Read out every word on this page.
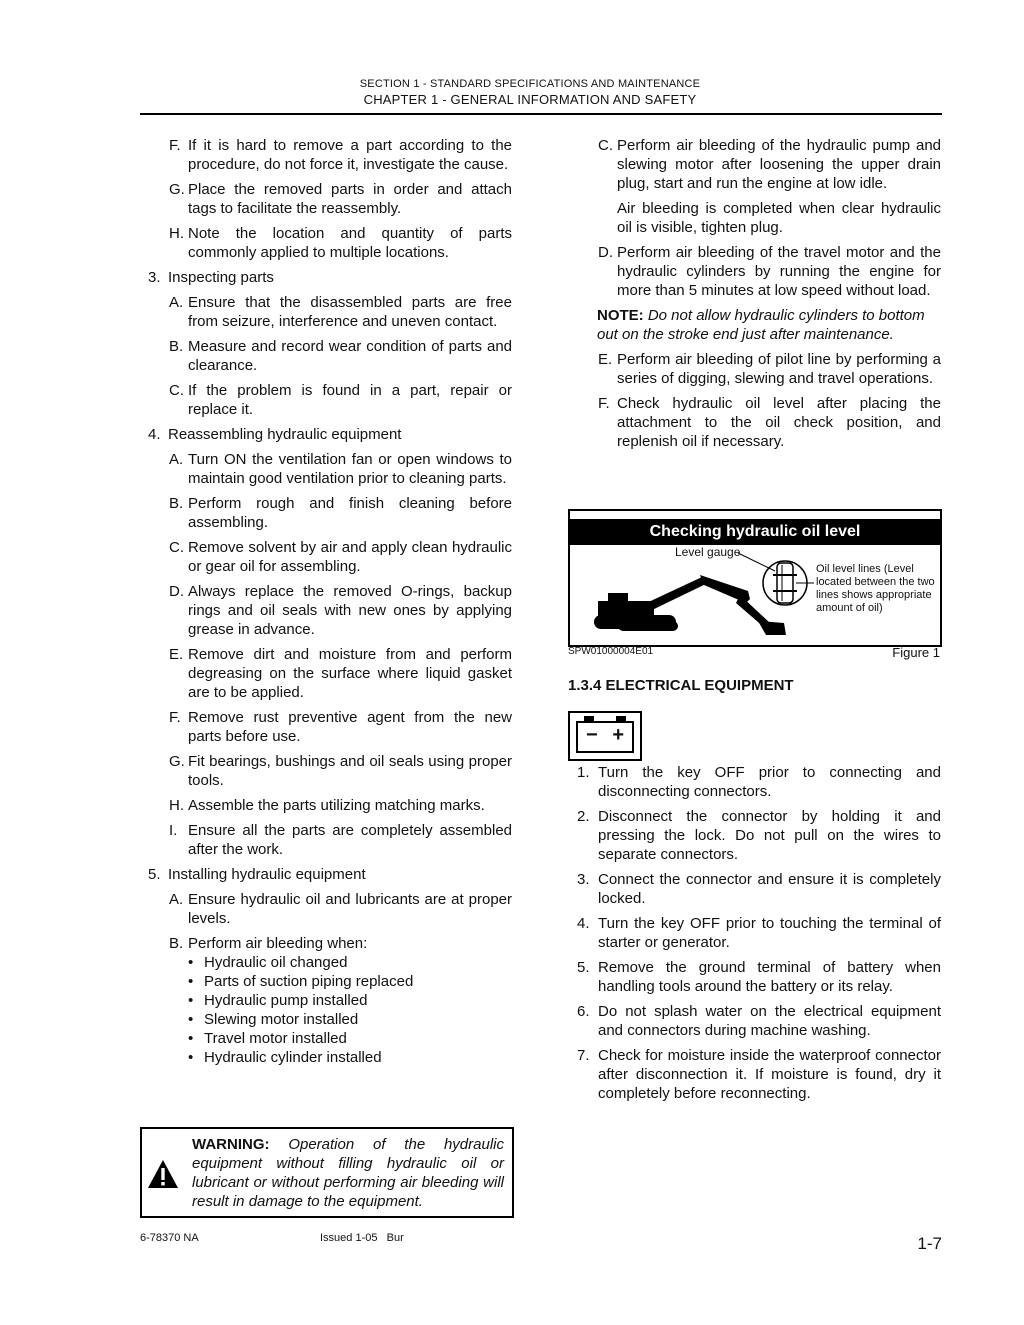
SECTION 1 - STANDARD SPECIFICATIONS AND MAINTENANCE
CHAPTER 1 - GENERAL INFORMATION AND SAFETY
F. If it is hard to remove a part according to the procedure, do not force it, investigate the cause.
G. Place the removed parts in order and attach tags to facilitate the reassembly.
H. Note the location and quantity of parts commonly applied to multiple locations.
3. Inspecting parts
A. Ensure that the disassembled parts are free from seizure, interference and uneven contact.
B. Measure and record wear condition of parts and clearance.
C. If the problem is found in a part, repair or replace it.
4. Reassembling hydraulic equipment
A. Turn ON the ventilation fan or open windows to maintain good ventilation prior to cleaning parts.
B. Perform rough and finish cleaning before assembling.
C. Remove solvent by air and apply clean hydraulic or gear oil for assembling.
D. Always replace the removed O-rings, backup rings and oil seals with new ones by applying grease in advance.
E. Remove dirt and moisture from and perform degreasing on the surface where liquid gasket are to be applied.
F. Remove rust preventive agent from the new parts before use.
G. Fit bearings, bushings and oil seals using proper tools.
H. Assemble the parts utilizing matching marks.
I. Ensure all the parts are completely assembled after the work.
5. Installing hydraulic equipment
A. Ensure hydraulic oil and lubricants are at proper levels.
B. Perform air bleeding when:
• Hydraulic oil changed
• Parts of suction piping replaced
• Hydraulic pump installed
• Slewing motor installed
• Travel motor installed
• Hydraulic cylinder installed
WARNING: Operation of the hydraulic equipment without filling hydraulic oil or lubricant or without performing air bleeding will result in damage to the equipment.
C. Perform air bleeding of the hydraulic pump and slewing motor after loosening the upper drain plug, start and run the engine at low idle.
Air bleeding is completed when clear hydraulic oil is visible, tighten plug.
D. Perform air bleeding of the travel motor and the hydraulic cylinders by running the engine for more than 5 minutes at low speed without load.
NOTE: Do not allow hydraulic cylinders to bottom out on the stroke end just after maintenance.
E. Perform air bleeding of pilot line by performing a series of digging, slewing and travel operations.
F. Check hydraulic oil level after placing the attachment to the oil check position, and replenish oil if necessary.
Checking hydraulic oil level
Level gauge
Oil level lines (Level located between the two lines shows appropriate amount of oil)
SPW01000004E01	Figure 1
1.3.4 ELECTRICAL EQUIPMENT
− +
1. Turn the key OFF prior to connecting and disconnecting connectors.
2. Disconnect the connector by holding it and pressing the lock. Do not pull on the wires to separate connectors.
3. Connect the connector and ensure it is completely locked.
4. Turn the key OFF prior to touching the terminal of starter or generator.
5. Remove the ground terminal of battery when handling tools around the battery or its relay.
6. Do not splash water on the electrical equipment and connectors during machine washing.
7. Check for moisture inside the waterproof connector after disconnection it. If moisture is found, dry it completely before reconnecting.
6-78370 NA	Issued 1-05   Bur	1-7
